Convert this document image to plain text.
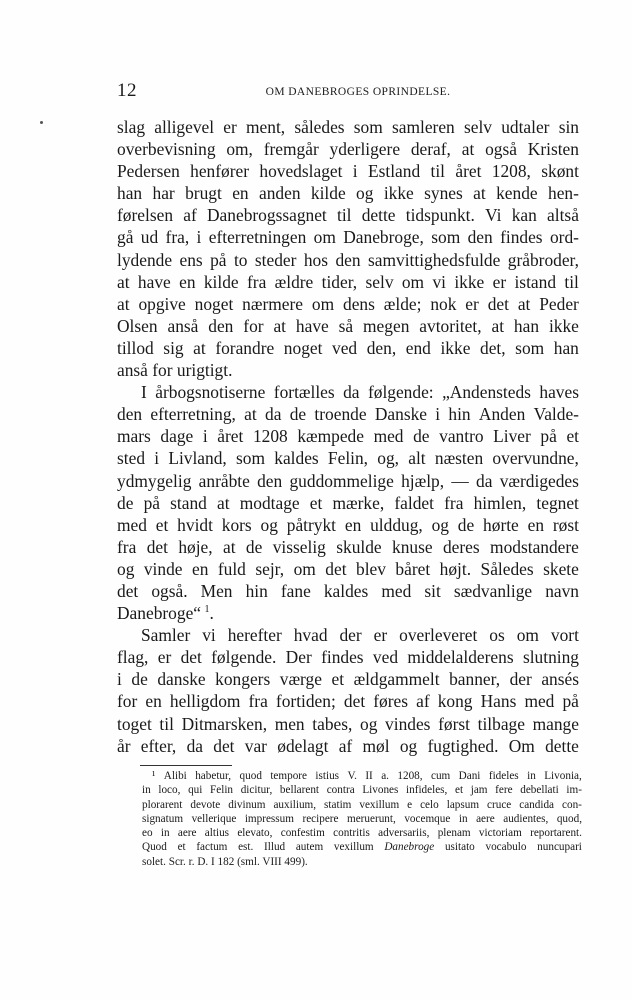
12	OM DANEBROGES OPRINDELSE.
slag alligevel er ment, således som samleren selv udtaler sin
overbevisning om, fremgår yderligere deraf, at også Kristen
Pedersen henfører hovedslaget i Estland til året 1208, skønt
han har brugt en anden kilde og ikke synes at kende hen-
førelsen af Danebrogssagnet til dette tidspunkt. Vi kan altså
gå ud fra, i efterretningen om Danebroge, som den findes ord-
lydende ens på to steder hos den samvittighedsfulde gråbroder,
at have en kilde fra ældre tider, selv om vi ikke er istand til
at opgive noget nærmere om dens ælde; nok er det at Peder
Olsen anså den for at have så megen avtoritet, at han ikke
tillod sig at forandre noget ved den, end ikke det, som han
anså for urigtigt.
I årbogsnotiserne fortælles da følgende: „Andensteds haves
den efterretning, at da de troende Danske i hin Anden Valde-
mars dage i året 1208 kæmpede med de vantro Liver på et
sted i Livland, som kaldes Felin, og, alt næsten overvundne,
ydmygelig anråbte den guddommelige hjælp, — da værdigedes
de på stand at modtage et mærke, faldet fra himlen, tegnet
med et hvidt kors og påtrykt en ulddug, og de hørte en røst
fra det høje, at de visselig skulde knuse deres modstandere
og vinde en fuld sejr, om det blev båret højt. Således skete
det også. Men hin fane kaldes med sit sædvanlige navn
Danebroge“  $^1$.
Samler vi herefter hvad der er overleveret os om vort
flag, er det følgende. Der findes ved middelalderens slutning
i de danske kongers værge et ældgammelt banner, der ansés
for en helligdom fra fortiden; det føres af kong Hans med på
toget til Ditmarsken, men tabes, og vindes først tilbage mange
år efter, da det var ødelagt af møl og fugtighed. Om dette
¹ Alibi habetur, quod tempore istius V. II a. 1208, cum Dani fideles in Livonia,
in loco, qui Felin dicitur, bellarent contra Livones infideles, et jam fere debellati im-
plorarent devote divinum auxilium, statim vexillum e celo lapsum cruce candida con-
signatum vellerique impressum recipere meruerunt, vocemque in aere audientes, quod,
eo in aere altius elevato, confestim contritis adversariis, plenam victoriam reportarent.
Quod et factum est. Illud autem vexillum Danebroge usitato vocabulo nuncupari
solet. Scr. r. D. I 182 (sml. VIII 499).
